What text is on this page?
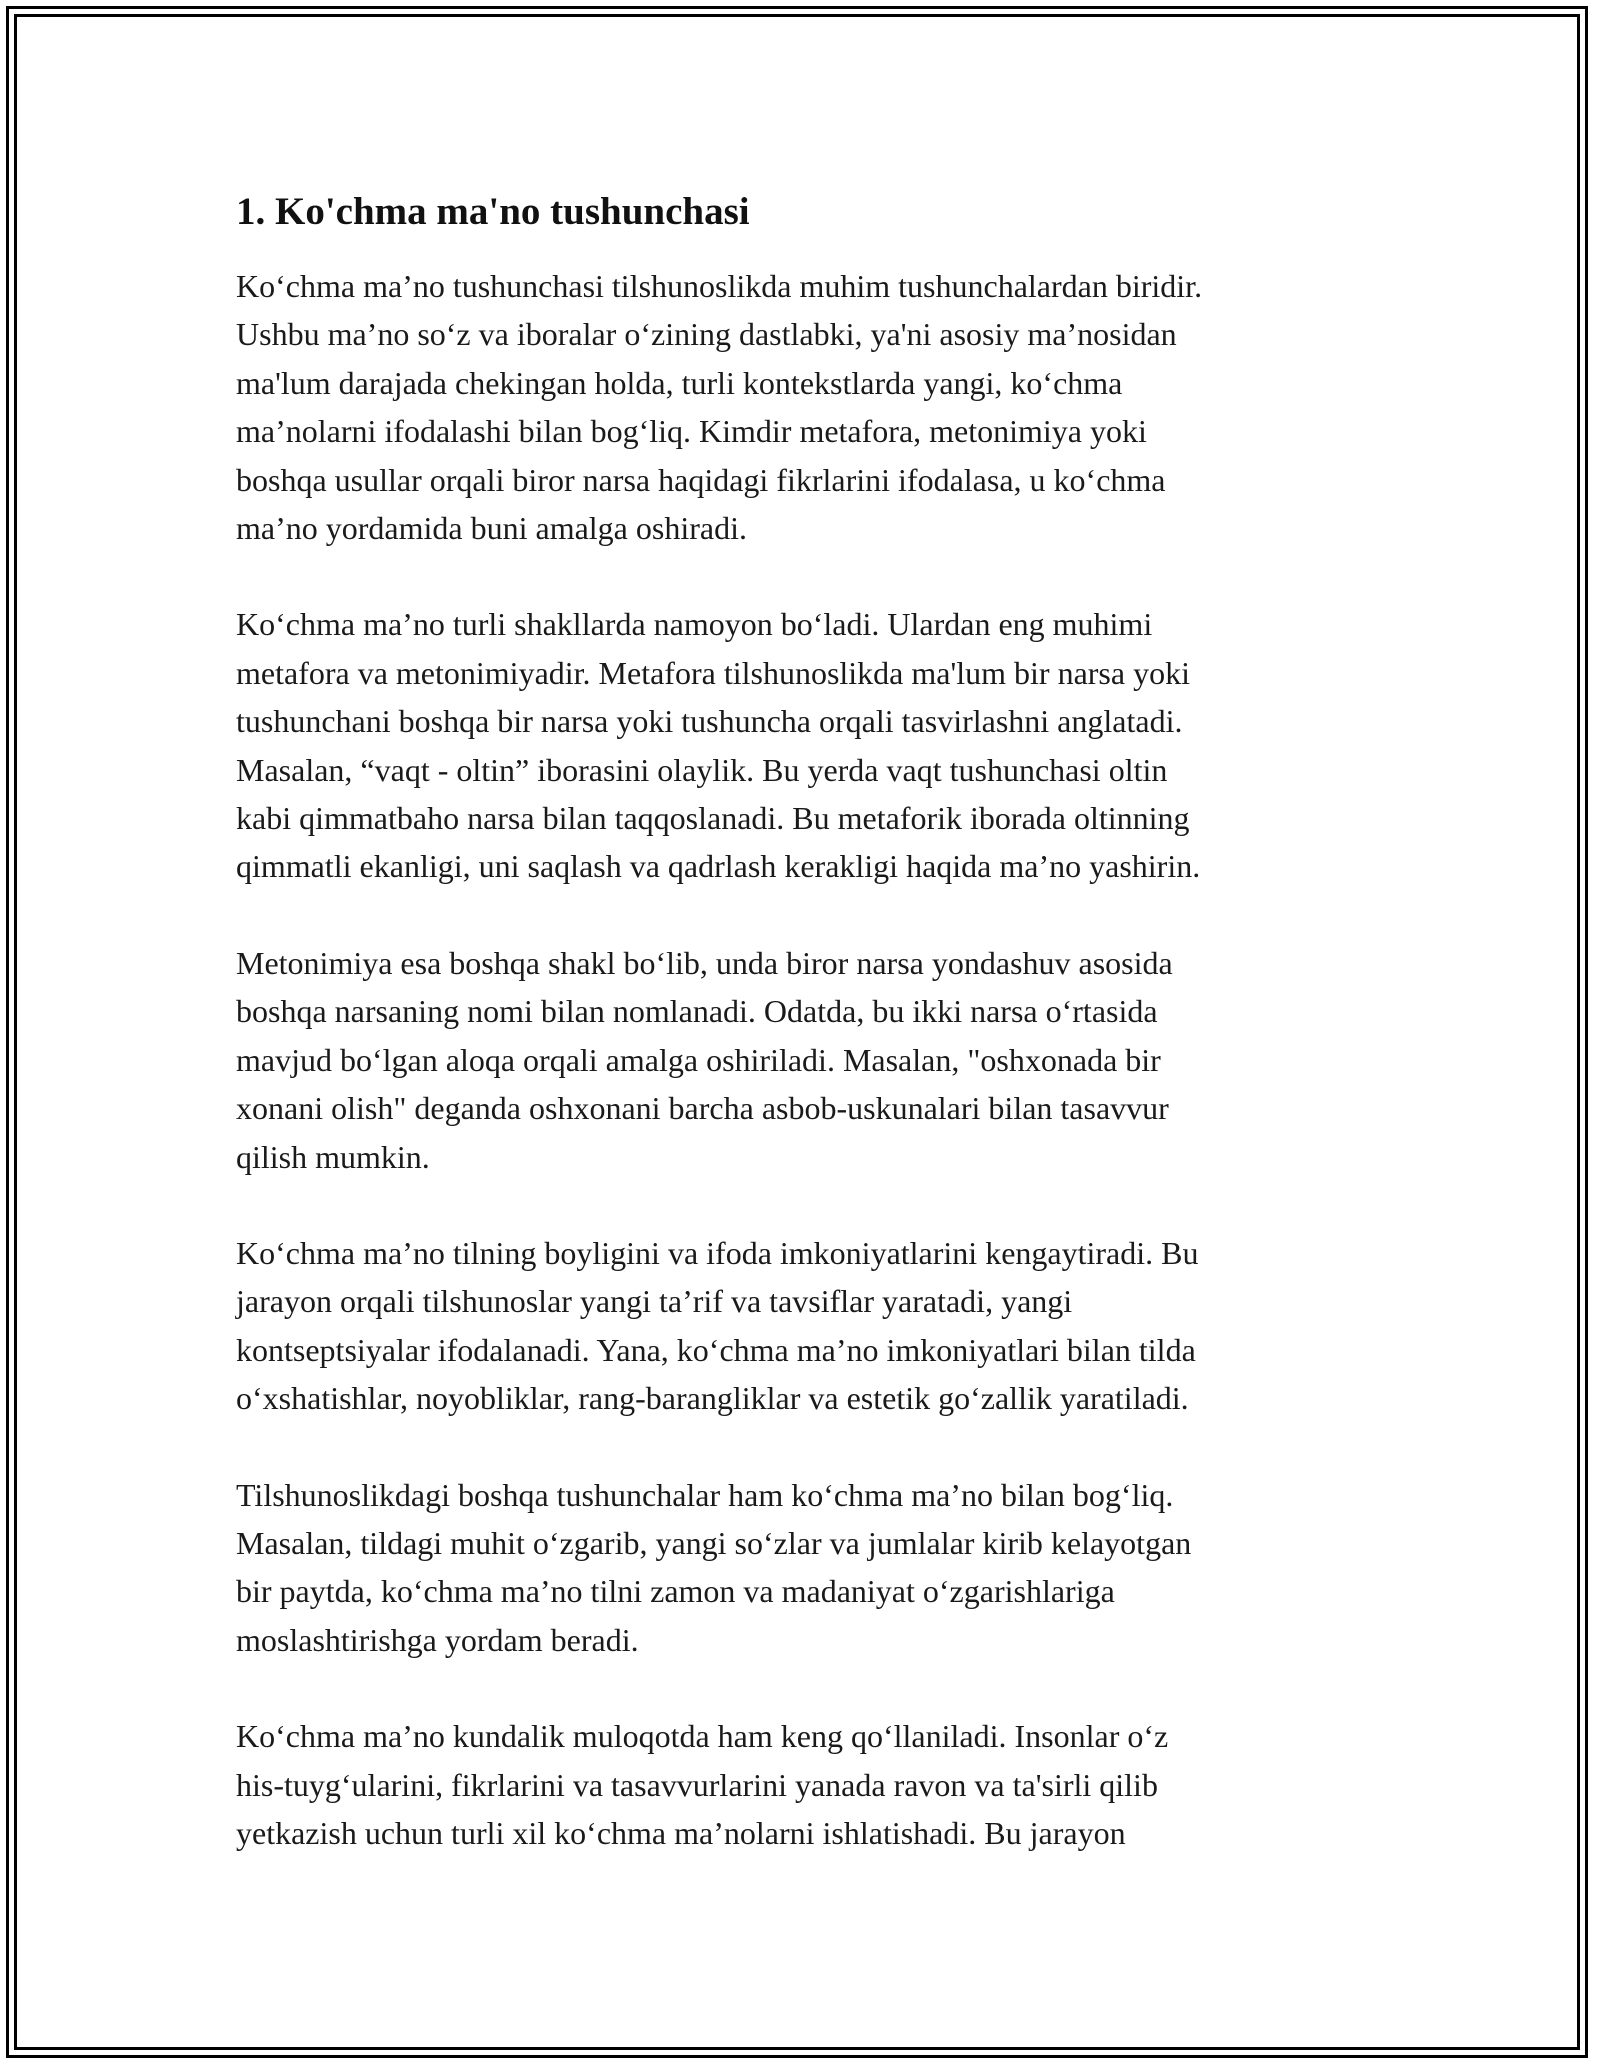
1. Ko'chma ma'no tushunchasi

Ko‘chma ma’no tushunchasi tilshunoslikda muhim tushunchalardan biridir.
Ushbu ma’no so‘z va iboralar o‘zining dastlabki, ya'ni asosiy ma’nosidan
ma'lum darajada chekingan holda, turli kontekstlarda yangi, ko‘chma
ma’nolarni ifodalashi bilan bog‘liq. Kimdir metafora, metonimiya yoki
boshqa usullar orqali biror narsa haqidagi fikrlarini ifodalasa, u ko‘chma
ma’no yordamida buni amalga oshiradi.

Ko‘chma ma’no turli shakllarda namoyon bo‘ladi. Ulardan eng muhimi
metafora va metonimiyadir. Metafora tilshunoslikda ma'lum bir narsa yoki
tushunchani boshqa bir narsa yoki tushuncha orqali tasvirlashni anglatadi.
Masalan, “vaqt - oltin” iborasini olaylik. Bu yerda vaqt tushunchasi oltin
kabi qimmatbaho narsa bilan taqqoslanadi. Bu metaforik iborada oltinning
qimmatli ekanligi, uni saqlash va qadrlash kerakligi haqida ma’no yashirin.

Metonimiya esa boshqa shakl bo‘lib, unda biror narsa yondashuv asosida
boshqa narsaning nomi bilan nomlanadi. Odatda, bu ikki narsa o‘rtasida
mavjud bo‘lgan aloqa orqali amalga oshiriladi. Masalan, "oshxonada bir
xonani olish" deganda oshxonani barcha asbob-uskunalari bilan tasavvur
qilish mumkin.

Ko‘chma ma’no tilning boyligini va ifoda imkoniyatlarini kengaytiradi. Bu
jarayon orqali tilshunoslar yangi ta’rif va tavsiflar yaratadi, yangi
kontseptsiyalar ifodalanadi. Yana, ko‘chma ma’no imkoniyatlari bilan tilda
o‘xshatishlar, noyobliklar, rang-barangliklar va estetik go‘zallik yaratiladi.

Tilshunoslikdagi boshqa tushunchalar ham ko‘chma ma’no bilan bog‘liq.
Masalan, tildagi muhit o‘zgarib, yangi so‘zlar va jumlalar kirib kelayotgan
bir paytda, ko‘chma ma’no tilni zamon va madaniyat o‘zgarishlariga
moslashtirishga yordam beradi.

Ko‘chma ma’no kundalik muloqotda ham keng qo‘llaniladi. Insonlar o‘z
his-tuyg‘ularini, fikrlarini va tasavvurlarini yanada ravon va ta'sirli qilib
yetkazish uchun turli xil ko‘chma ma’nolarni ishlatishadi. Bu jarayon
